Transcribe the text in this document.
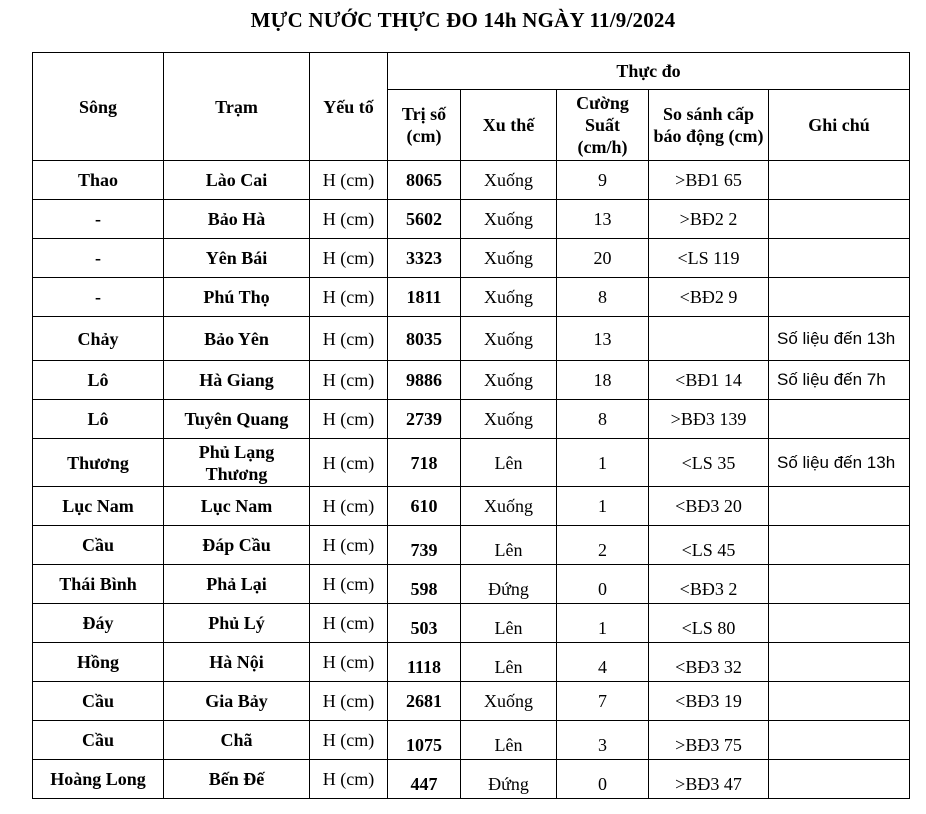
MỰC NƯỚC THỰC ĐO 14h NGÀY 11/9/2024
Sông	Trạm	Yếu tố	Thực đo				
			Trị số (cm)	Xu thế	Cường Suất (cm/h)	So sánh cấp báo động (cm)	Ghi chú
Thao	Lào Cai	H (cm)	8065	Xuống	9	>BĐ1 65	
-	Bảo Hà	H (cm)	5602	Xuống	13	>BĐ2 2	
-	Yên Bái	H (cm)	3323	Xuống	20	<LS 119	
-	Phú Thọ	H (cm)	1811	Xuống	8	<BĐ2 9	
Chảy	Bảo Yên	H (cm)	8035	Xuống	13		Số liệu đến 13h
Lô	Hà Giang	H (cm)	9886	Xuống	18	<BĐ1 14	Số liệu đến 7h
Lô	Tuyên Quang	H (cm)	2739	Xuống	8	>BĐ3 139	
Thương	Phủ Lạng Thương	H (cm)	718	Lên	1	<LS 35	Số liệu đến 13h
Lục Nam	Lục Nam	H (cm)	610	Xuống	1	<BĐ3 20	
Cầu	Đáp Cầu	H (cm)	739	Lên	2	<LS 45	
Thái Bình	Phả Lại	H (cm)	598	Đứng	0	<BĐ3 2	
Đáy	Phủ Lý	H (cm)	503	Lên	1	<LS 80	
Hồng	Hà Nội	H (cm)	1118	Lên	4	<BĐ3 32	
Cầu	Gia Bảy	H (cm)	2681	Xuống	7	<BĐ3 19	
Cầu	Chã	H (cm)	1075	Lên	3	>BĐ3 75	
Hoàng Long	Bến Đế	H (cm)	447	Đứng	0	>BĐ3 47	
